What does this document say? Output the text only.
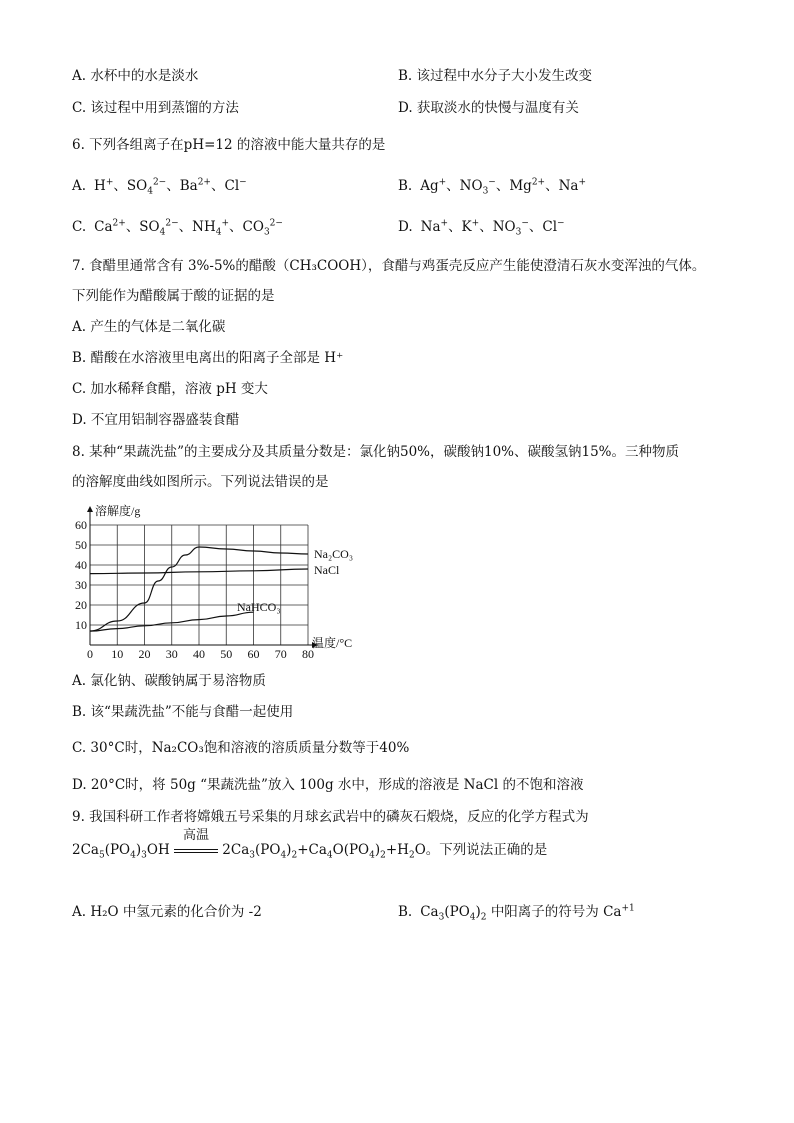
A. 水杯中的水是淡水	B. 该过程中水分子大小发生改变
C. 该过程中用到蒸馏的方法	D. 获取淡水的快慢与温度有关
6. 下列各组离子在pH=12 的溶液中能大量共存的是
A. H+、$SO_4^{2-}$、$Ba^{2+}$、Cl−	B. Ag+、$NO_3^-$、$Mg^{2+}$、Na+
C. $Ca^{2+}$、$SO_4^{2-}$、$NH_4^+$、$CO_3^{2-}$	D. Na+、K+、$NO_3^-$、Cl−
7. 食醋里通常含有 3%-5%的醋酸（CH₃COOH），食醋与鸡蛋壳反应产生能使澄清石灰水变浑浊的气体。
下列能作为醋酸属于酸的证据的是
A. 产生的气体是二氧化碳
B. 醋酸在水溶液里电离出的阳离子全部是 H⁺
C. 加水稀释食醋，溶液 pH 变大
D. 不宜用铝制容器盛装食醋
8. 某种“果蔬洗盐”的主要成分及其质量分数是：氯化钠50%，碳酸钠10%、碳酸氢钠15%。三种物质
的溶解度曲线如图所示。下列说法错误的是
0 10 20 30 40 50 60 70 80
10
20
30
40
50
60
溶解度/g
温度/°C
Na₂CO₃
NaCl
NaHCO₃
A. 氯化钠、碳酸钠属于易溶物质
B. 该“果蔬洗盐”不能与食醋一起使用
C. 30°C时，Na₂CO₃饱和溶液的溶质质量分数等于40%
D. 20°C时，将 50g “果蔬洗盐”放入 100g 水中，形成的溶液是 NaCl 的不饱和溶液
9. 我国科研工作者将嫦娥五号采集的月球玄武岩中的磷灰石煅烧，反应的化学方程式为
$2Ca_5(PO_4)_3OH$
高温
$2Ca_3(PO_4)_2+Ca_4O(PO_4)_2+H_2O$。下列说法正确的是
A. H₂O 中氢元素的化合价为 -2	B. $Ca_3(PO_4)_2$ 中阳离子的符号为 $Ca^{+1}$
